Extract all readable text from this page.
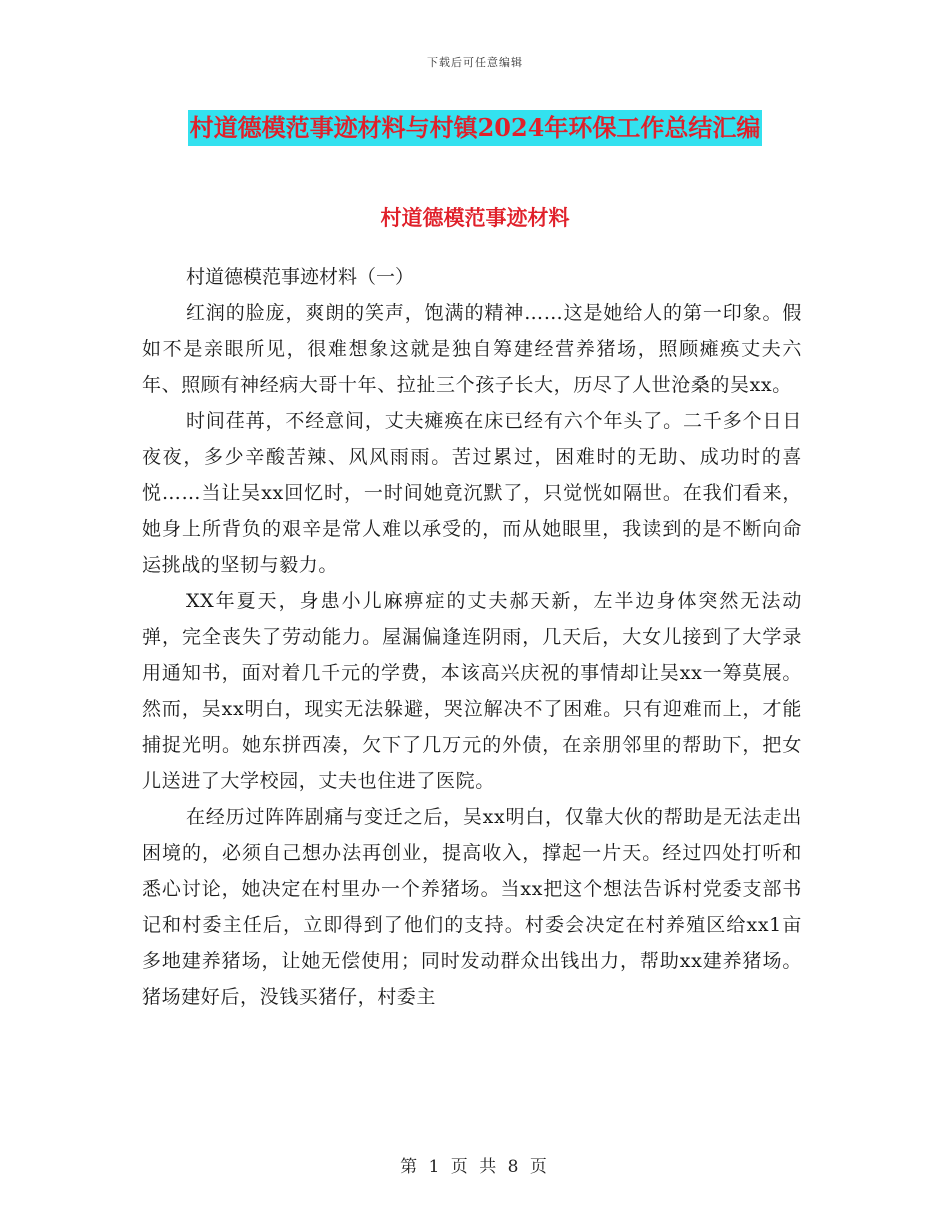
下载后可任意编辑
村道德模范事迹材料与村镇2024年环保工作总结汇编
村道德模范事迹材料
村道德模范事迹材料（一）

红润的脸庞，爽朗的笑声，饱满的精神……这是她给人的第一印象。假如不是亲眼所见，很难想象这就是独自筹建经营养猪场，照顾瘫痪丈夫六年、照顾有神经病大哥十年、拉扯三个孩子长大，历尽了人世沧桑的吴xx。

时间荏苒，不经意间，丈夫瘫痪在床已经有六个年头了。二千多个日日夜夜，多少辛酸苦辣、风风雨雨。苦过累过，困难时的无助、成功时的喜悦……当让吴xx回忆时，一时间她竟沉默了，只觉恍如隔世。在我们看来，她身上所背负的艰辛是常人难以承受的，而从她眼里，我读到的是不断向命运挑战的坚韧与毅力。

XX年夏天，身患小儿麻痹症的丈夫郝天新，左半边身体突然无法动弹，完全丧失了劳动能力。屋漏偏逢连阴雨，几天后，大女儿接到了大学录用通知书，面对着几千元的学费，本该高兴庆祝的事情却让吴xx一筹莫展。然而，吴xx明白，现实无法躲避，哭泣解决不了困难。只有迎难而上，才能捕捉光明。她东拼西凑，欠下了几万元的外债，在亲朋邻里的帮助下，把女儿送进了大学校园，丈夫也住进了医院。

在经历过阵阵剧痛与变迁之后，吴xx明白，仅靠大伙的帮助是无法走出困境的，必须自己想办法再创业，提高收入，撑起一片天。经过四处打听和悉心讨论，她决定在村里办一个养猪场。当xx把这个想法告诉村党委支部书记和村委主任后，立即得到了他们的支持。村委会决定在村养殖区给xx1亩多地建养猪场，让她无偿使用；同时发动群众出钱出力，帮助xx建养猪场。猪场建好后，没钱买猪仔，村委主

第 1 页 共 8 页
